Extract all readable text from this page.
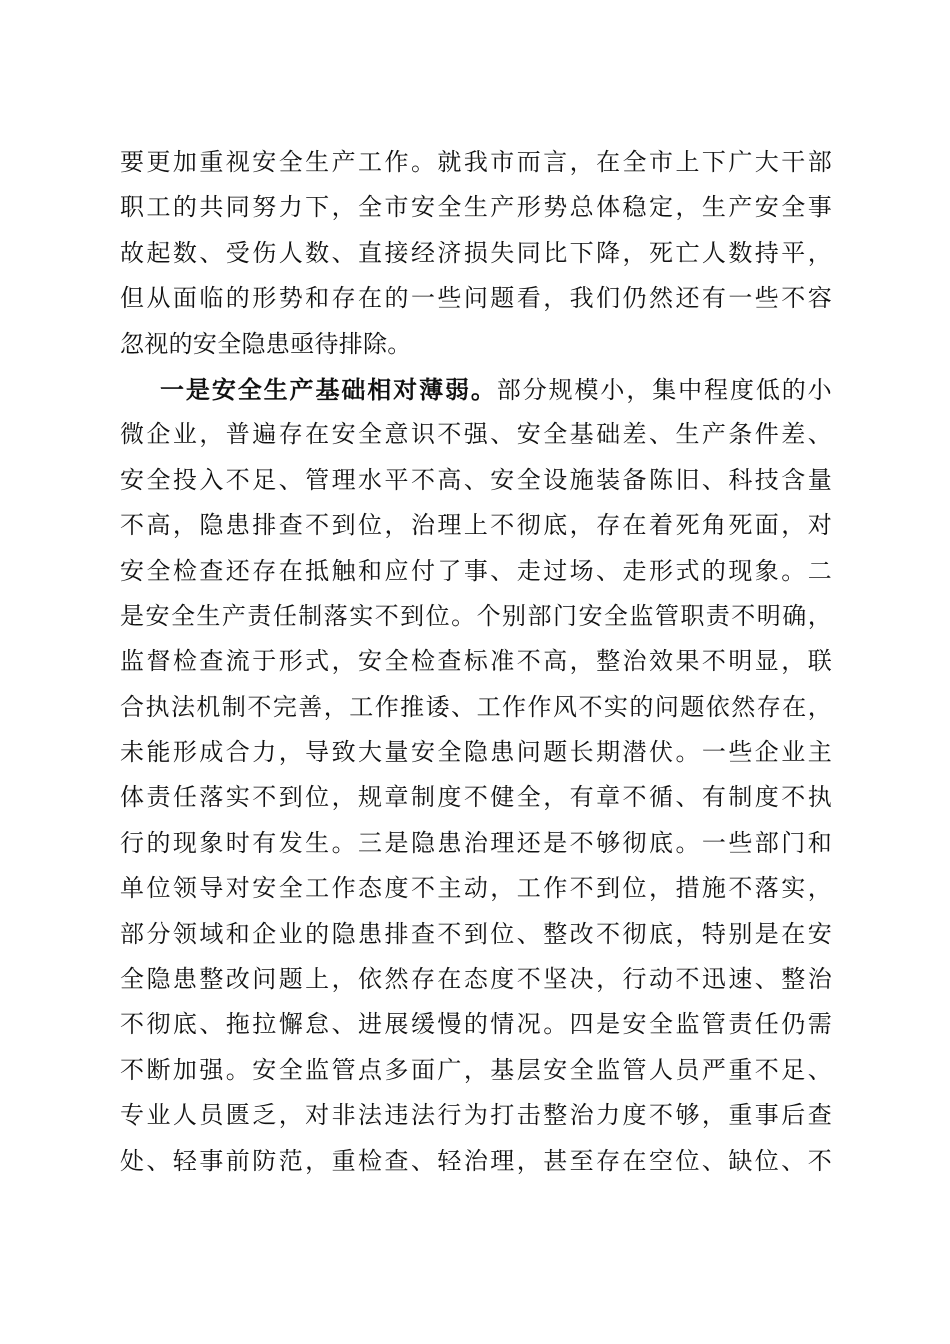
要更加重视安全生产工作。就我市而言，在全市上下广大干部
职工的共同努力下，全市安全生产形势总体稳定，生产安全事
故起数、受伤人数、直接经济损失同比下降，死亡人数持平，
但从面临的形势和存在的一些问题看，我们仍然还有一些不容
忽视的安全隐患亟待排除。
一是安全生产基础相对薄弱。部分规模小，集中程度低的小
微企业，普遍存在安全意识不强、安全基础差、生产条件差、
安全投入不足、管理水平不高、安全设施装备陈旧、科技含量
不高，隐患排查不到位，治理上不彻底，存在着死角死面，对
安全检查还存在抵触和应付了事、走过场、走形式的现象。二
是安全生产责任制落实不到位。个别部门安全监管职责不明确，
监督检查流于形式，安全检查标准不高，整治效果不明显，联
合执法机制不完善，工作推诿、工作作风不实的问题依然存在，
未能形成合力，导致大量安全隐患问题长期潜伏。一些企业主
体责任落实不到位，规章制度不健全，有章不循、有制度不执
行的现象时有发生。三是隐患治理还是不够彻底。一些部门和
单位领导对安全工作态度不主动，工作不到位，措施不落实，
部分领域和企业的隐患排查不到位、整改不彻底，特别是在安
全隐患整改问题上，依然存在态度不坚决，行动不迅速、整治
不彻底、拖拉懈怠、进展缓慢的情况。四是安全监管责任仍需
不断加强。安全监管点多面广，基层安全监管人员严重不足、
专业人员匮乏，对非法违法行为打击整治力度不够，重事后查
处、轻事前防范，重检查、轻治理，甚至存在空位、缺位、不
